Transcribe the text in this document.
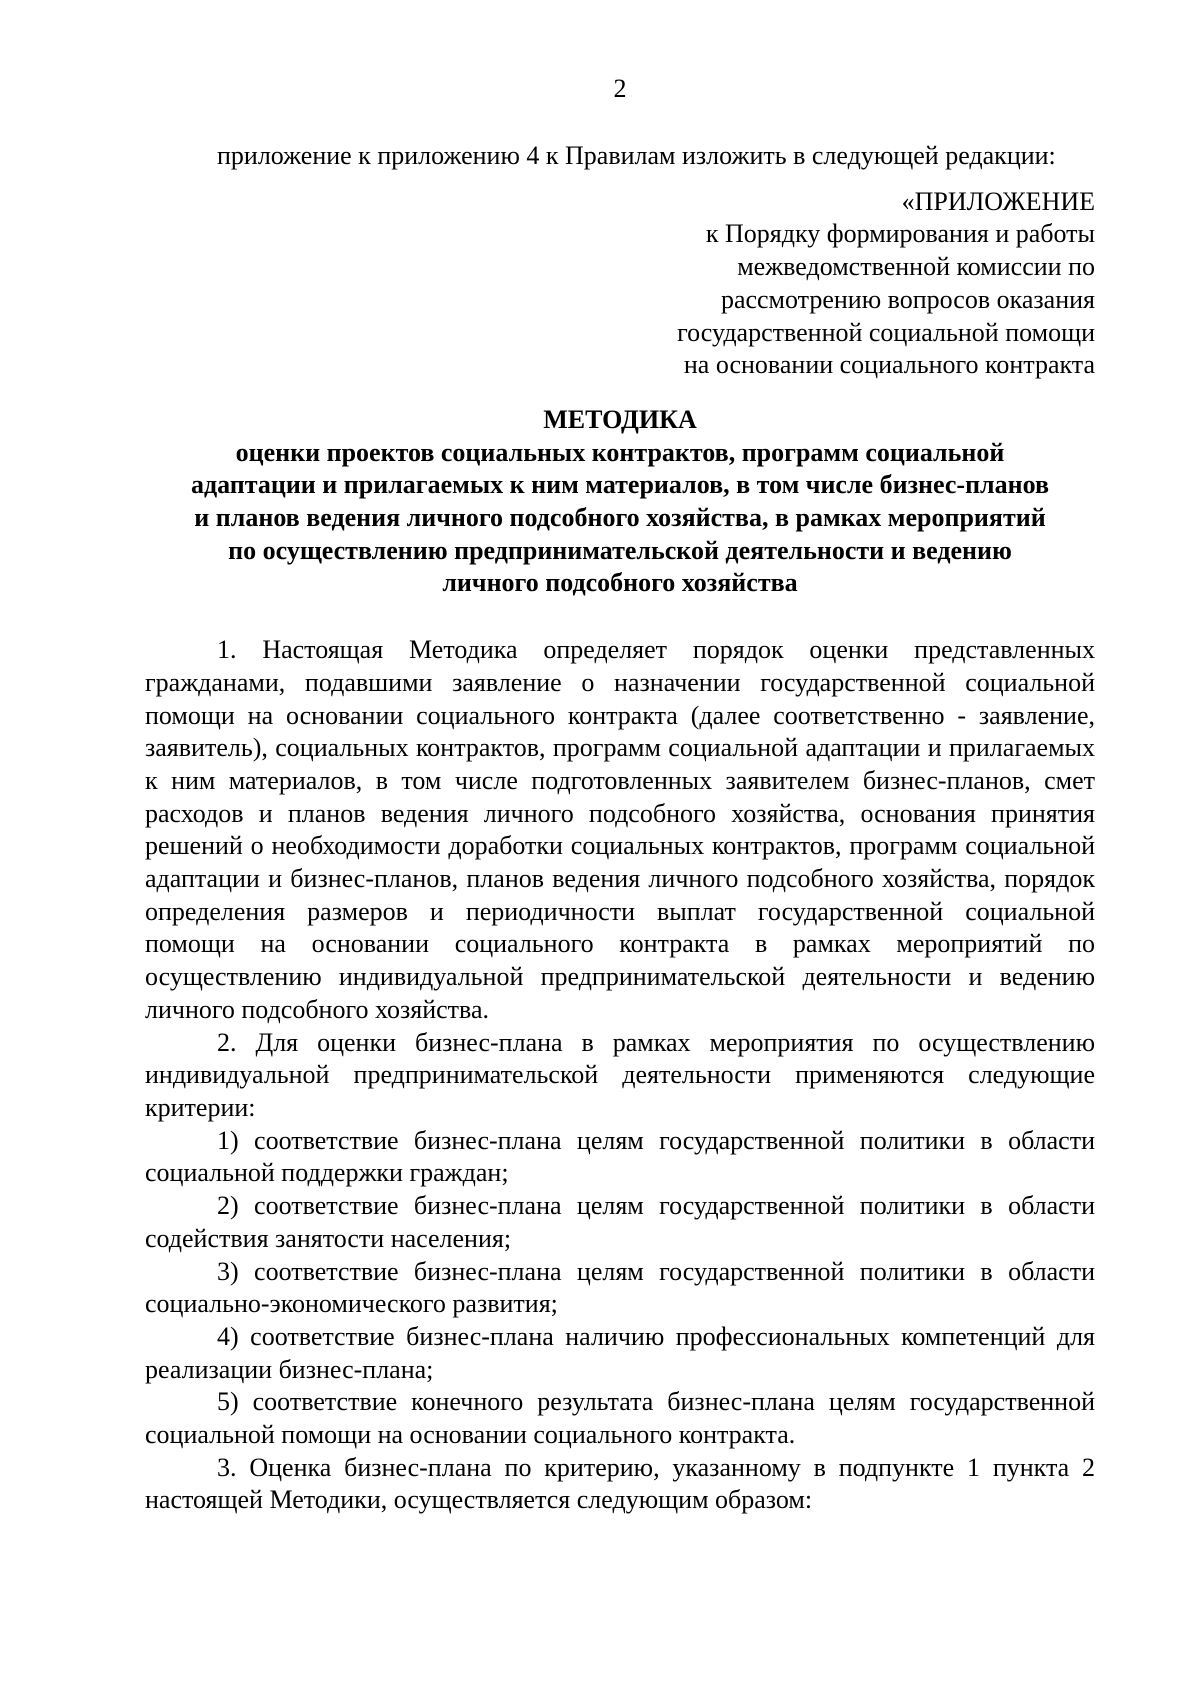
2

приложение к приложению 4 к Правилам изложить в следующей редакции:

«ПРИЛОЖЕНИЕ
к Порядку формирования и работы
межведомственной комиссии по
рассмотрению вопросов оказания
государственной социальной помощи
на основании социального контракта
МЕТОДИКА
оценки проектов социальных контрактов, программ социальной
адаптации и прилагаемых к ним материалов, в том числе бизнес-планов
и планов ведения личного подсобного хозяйства, в рамках мероприятий
по осуществлению предпринимательской деятельности и ведению
личного подсобного хозяйства

1. Настоящая Методика определяет порядок оценки представленных гражданами, подавшими заявление о назначении государственной социальной помощи на основании социального контракта (далее соответственно - заявление, заявитель), социальных контрактов, программ социальной адаптации и прилагаемых к ним материалов, в том числе подготовленных заявителем бизнес-планов, смет расходов и планов ведения личного подсобного хозяйства, основания принятия решений о необходимости доработки социальных контрактов, программ социальной адаптации и бизнес-планов, планов ведения личного подсобного хозяйства, порядок определения размеров и периодичности выплат государственной социальной помощи на основании социального контракта в рамках мероприятий по осуществлению индивидуальной предпринимательской деятельности и ведению личного подсобного хозяйства.

2. Для оценки бизнес-плана в рамках мероприятия по осуществлению индивидуальной предпринимательской деятельности применяются следующие критерии:

1) соответствие бизнес-плана целям государственной политики в области социальной поддержки граждан;

2) соответствие бизнес-плана целям государственной политики в области содействия занятости населения;

3) соответствие бизнес-плана целям государственной политики в области социально-экономического развития;

4) соответствие бизнес-плана наличию профессиональных компетенций для реализации бизнес-плана;

5) соответствие конечного результата бизнес-плана целям государственной социальной помощи на основании социального контракта.

3. Оценка бизнес-плана по критерию, указанному в подпункте 1 пункта 2 настоящей Методики, осуществляется следующим образом:
